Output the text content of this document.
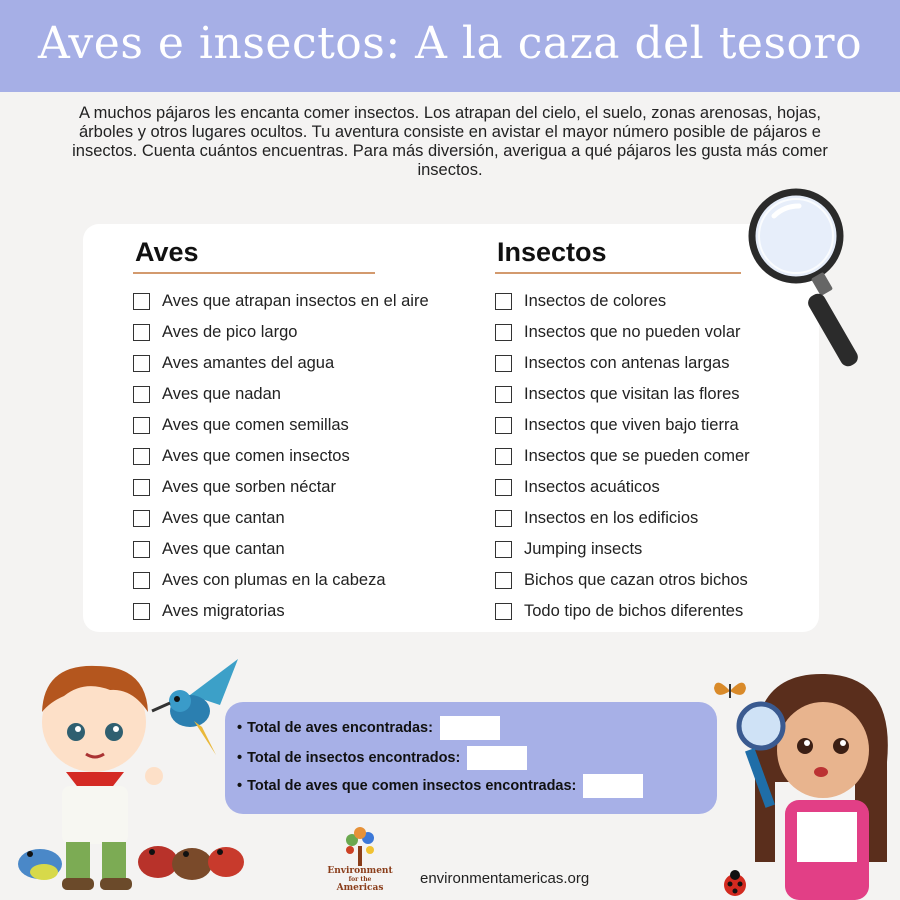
Aves e insectos: A la caza del tesoro
A muchos pájaros les encanta comer insectos. Los atrapan del cielo, el suelo, zonas arenosas, hojas, árboles y otros lugares ocultos. Tu aventura consiste en avistar el mayor número posible de pájaros e insectos. Cuenta cuántos encuentras. Para más diversión, averigua a qué pájaros les gusta más comer insectos.
Aves
Aves que atrapan insectos en el aire
Aves de pico largo
Aves amantes del agua
Aves que nadan
Aves que comen semillas
Aves que comen insectos
Aves que sorben néctar
Aves que cantan
Aves que cantan
Aves con plumas en la cabeza
Aves migratorias
Insectos
Insectos de colores
Insectos que no pueden volar
Insectos con antenas largas
Insectos que visitan las flores
Insectos que viven bajo tierra
Insectos que se pueden comer
Insectos acuáticos
Insectos en los edificios
Jumping insects
Bichos que cazan otros bichos
Todo tipo de bichos diferentes
• Total de aves encontradas:
• Total de insectos encontrados:
• Total de aves que comen insectos encontradas:
Environment
for the
Americas
environmentamericas.org
